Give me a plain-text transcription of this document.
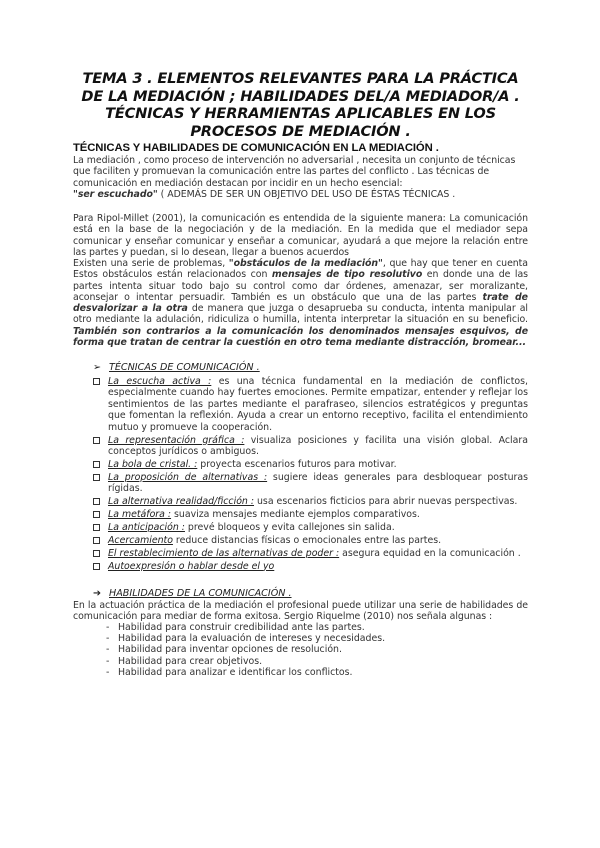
TEMA 3 . ELEMENTOS RELEVANTES PARA LA PRÁCTICA DE LA MEDIACIÓN ; HABILIDADES DEL/A MEDIADOR/A . TÉCNICAS Y HERRAMIENTAS APLICABLES EN LOS PROCESOS DE MEDIACIÓN .
TÉCNICAS Y HABILIDADES DE COMUNICACIÓN EN LA MEDIACIÓN .

La mediación , como proceso de intervención no adversarial , necesita un conjunto de técnicas que faciliten y promuevan la comunicación entre las partes del conflicto . Las técnicas de comunicación en mediación destacan por incidir en un hecho esencial:
"ser escuchado" ( ADEMÁS DE SER UN OBJETIVO DEL USO DE ÉSTAS TÉCNICAS .

Para Ripol-Millet (2001), la comunicación es entendida de la siguiente manera: La comunicación está en la base de la negociación y de la mediación. En la medida que el mediador sepa comunicar y enseñar comunicar y enseñar a comunicar, ayudará a que mejore la relación entre las partes y puedan, si lo desean, llegar a buenos acuerdos

Existen una serie de problemas, "obstáculos de la mediación", que hay que tener en cuenta Estos obstáculos están relacionados con mensajes de tipo resolutivo en donde una de las partes intenta situar todo bajo su control como dar órdenes, amenazar, ser moralizante, aconsejar o intentar persuadir. También es un obstáculo que una de las partes trate de desvalorizar a la otra de manera que juzga o desaprueba su conducta, intenta manipular al otro mediante la adulación, ridiculiza o humilla, intenta interpretar la situación en su beneficio. También son contrarios a la comunicación los denominados mensajes esquivos, de forma que tratan de centrar la cuestión en otro tema mediante distracción, bromear...

➢ TÉCNICAS DE COMUNICACIÓN .
La escucha activa : es una técnica fundamental en la mediación de conflictos, especialmente cuando hay fuertes emociones. Permite empatizar, entender y reflejar los sentimientos de las partes mediante el parafraseo, silencios estratégicos y preguntas que fomentan la reflexión. Ayuda a crear un entorno receptivo, facilita el entendimiento mutuo y promueve la cooperación.
La representación gráfica : visualiza posiciones y facilita una visión global. Aclara conceptos jurídicos o ambiguos.
La bola de cristal. : proyecta escenarios futuros para motivar.
La proposición de alternativas : sugiere ideas generales para desbloquear posturas rígidas.
La alternativa realidad/ficción : usa escenarios ficticios para abrir nuevas perspectivas.
La metáfora : suaviza mensajes mediante ejemplos comparativos.
La anticipación : prevé bloqueos y evita callejones sin salida.
Acercamiento reduce distancias físicas o emocionales entre las partes.
El restablecimiento de las alternativas de poder : asegura equidad en la comunicación .
Autoexpresión o hablar desde el yo
➔ HABILIDADES DE LA COMUNICACIÓN .

En la actuación práctica de la mediación el profesional puede utilizar una serie de habilidades de comunicación para mediar de forma exitosa. Sergio Riquelme (2010) nos señala algunas :

- Habilidad para construir credibilidad ante las partes.
- Habilidad para la evaluación de intereses y necesidades.
- Habilidad para inventar opciones de resolución.
- Habilidad para crear objetivos.
- Habilidad para analizar e identificar los conflictos.
